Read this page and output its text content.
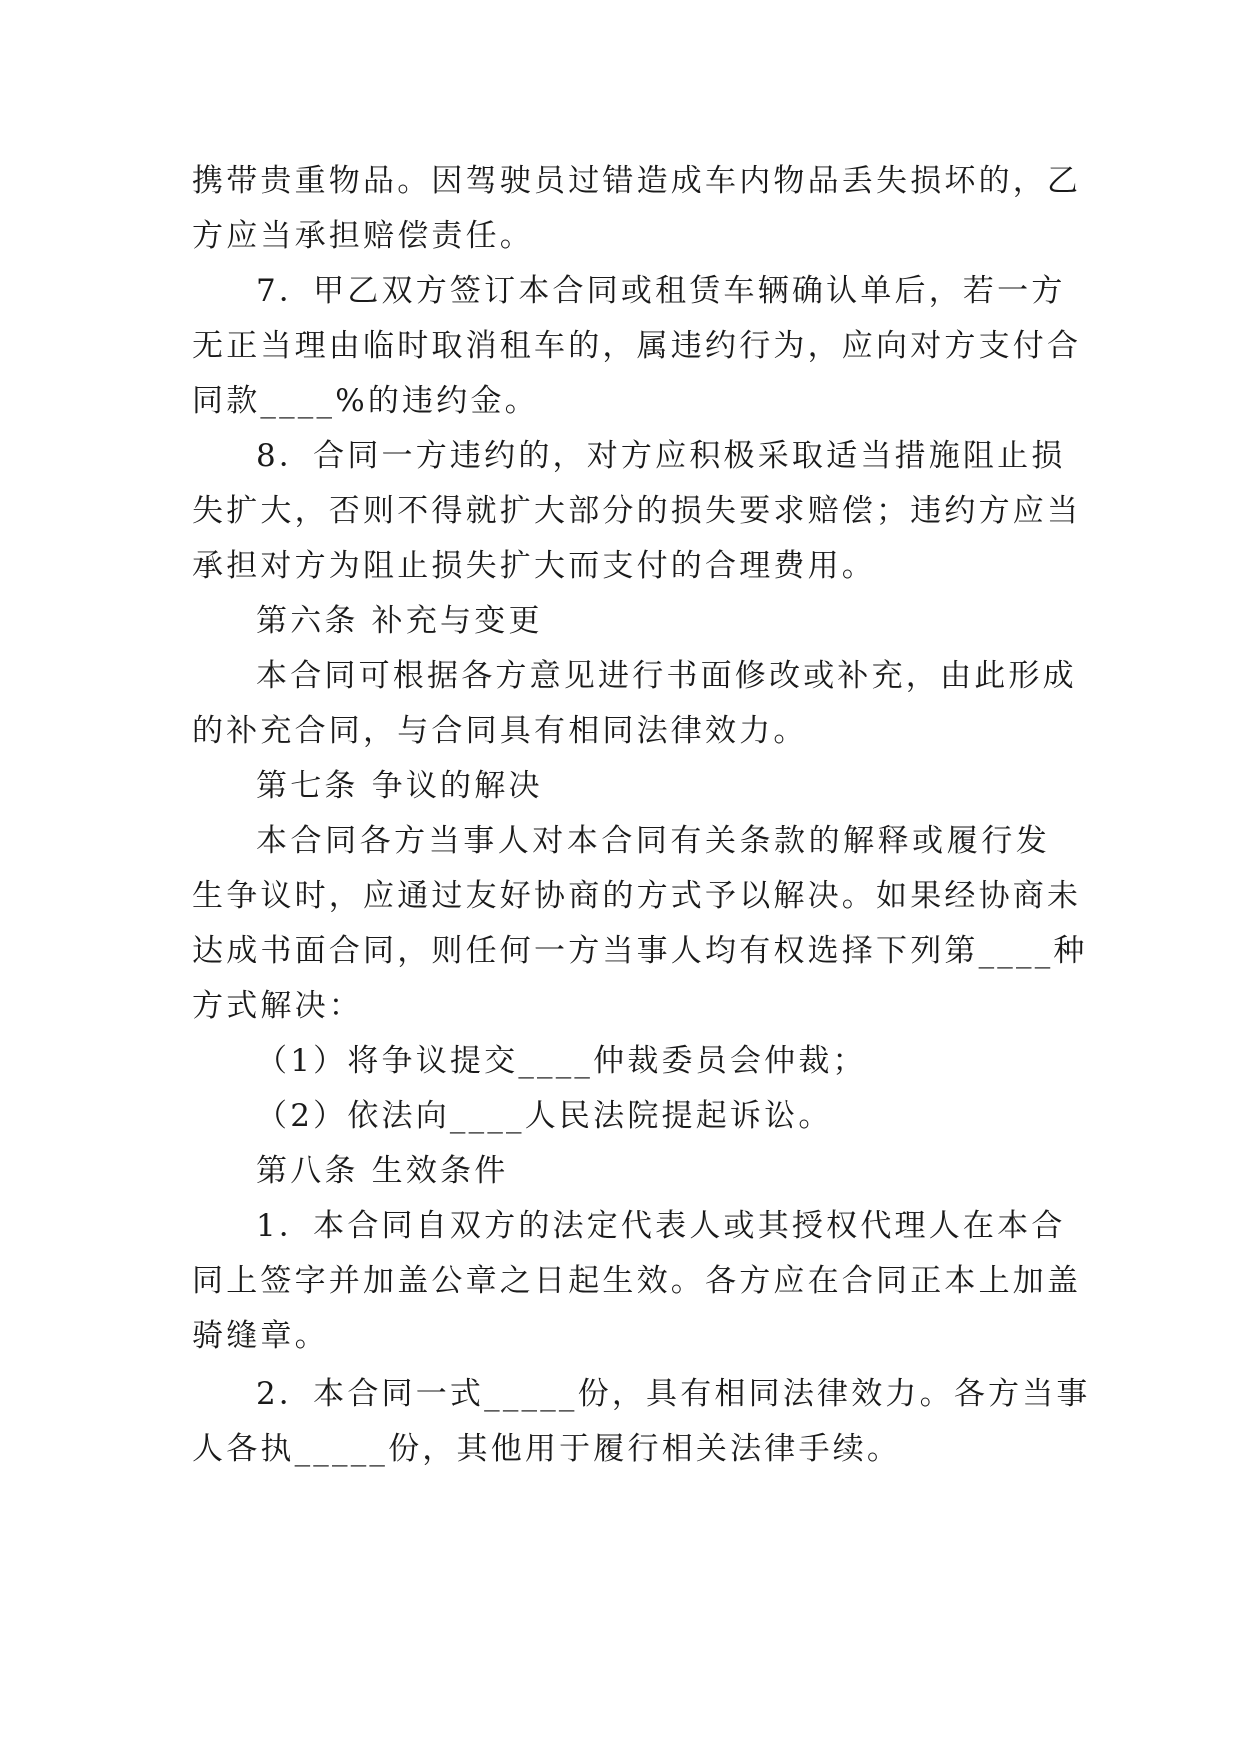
携带贵重物品。因驾驶员过错造成车内物品丢失损坏的，乙
方应当承担赔偿责任。
7．甲乙双方签订本合同或租赁车辆确认单后，若一方
无正当理由临时取消租车的，属违约行为，应向对方支付合
同款____%的违约金。
8．合同一方违约的，对方应积极采取适当措施阻止损
失扩大，否则不得就扩大部分的损失要求赔偿；违约方应当
承担对方为阻止损失扩大而支付的合理费用。
第六条 补充与变更
本合同可根据各方意见进行书面修改或补充，由此形成
的补充合同，与合同具有相同法律效力。
第七条 争议的解决
本合同各方当事人对本合同有关条款的解释或履行发
生争议时，应通过友好协商的方式予以解决。如果经协商未
达成书面合同，则任何一方当事人均有权选择下列第____种
方式解决：
（1）将争议提交____仲裁委员会仲裁；
（2）依法向____人民法院提起诉讼。
第八条 生效条件
1．本合同自双方的法定代表人或其授权代理人在本合
同上签字并加盖公章之日起生效。各方应在合同正本上加盖
骑缝章。
2．本合同一式_____份，具有相同法律效力。各方当事
人各执_____份，其他用于履行相关法律手续。
